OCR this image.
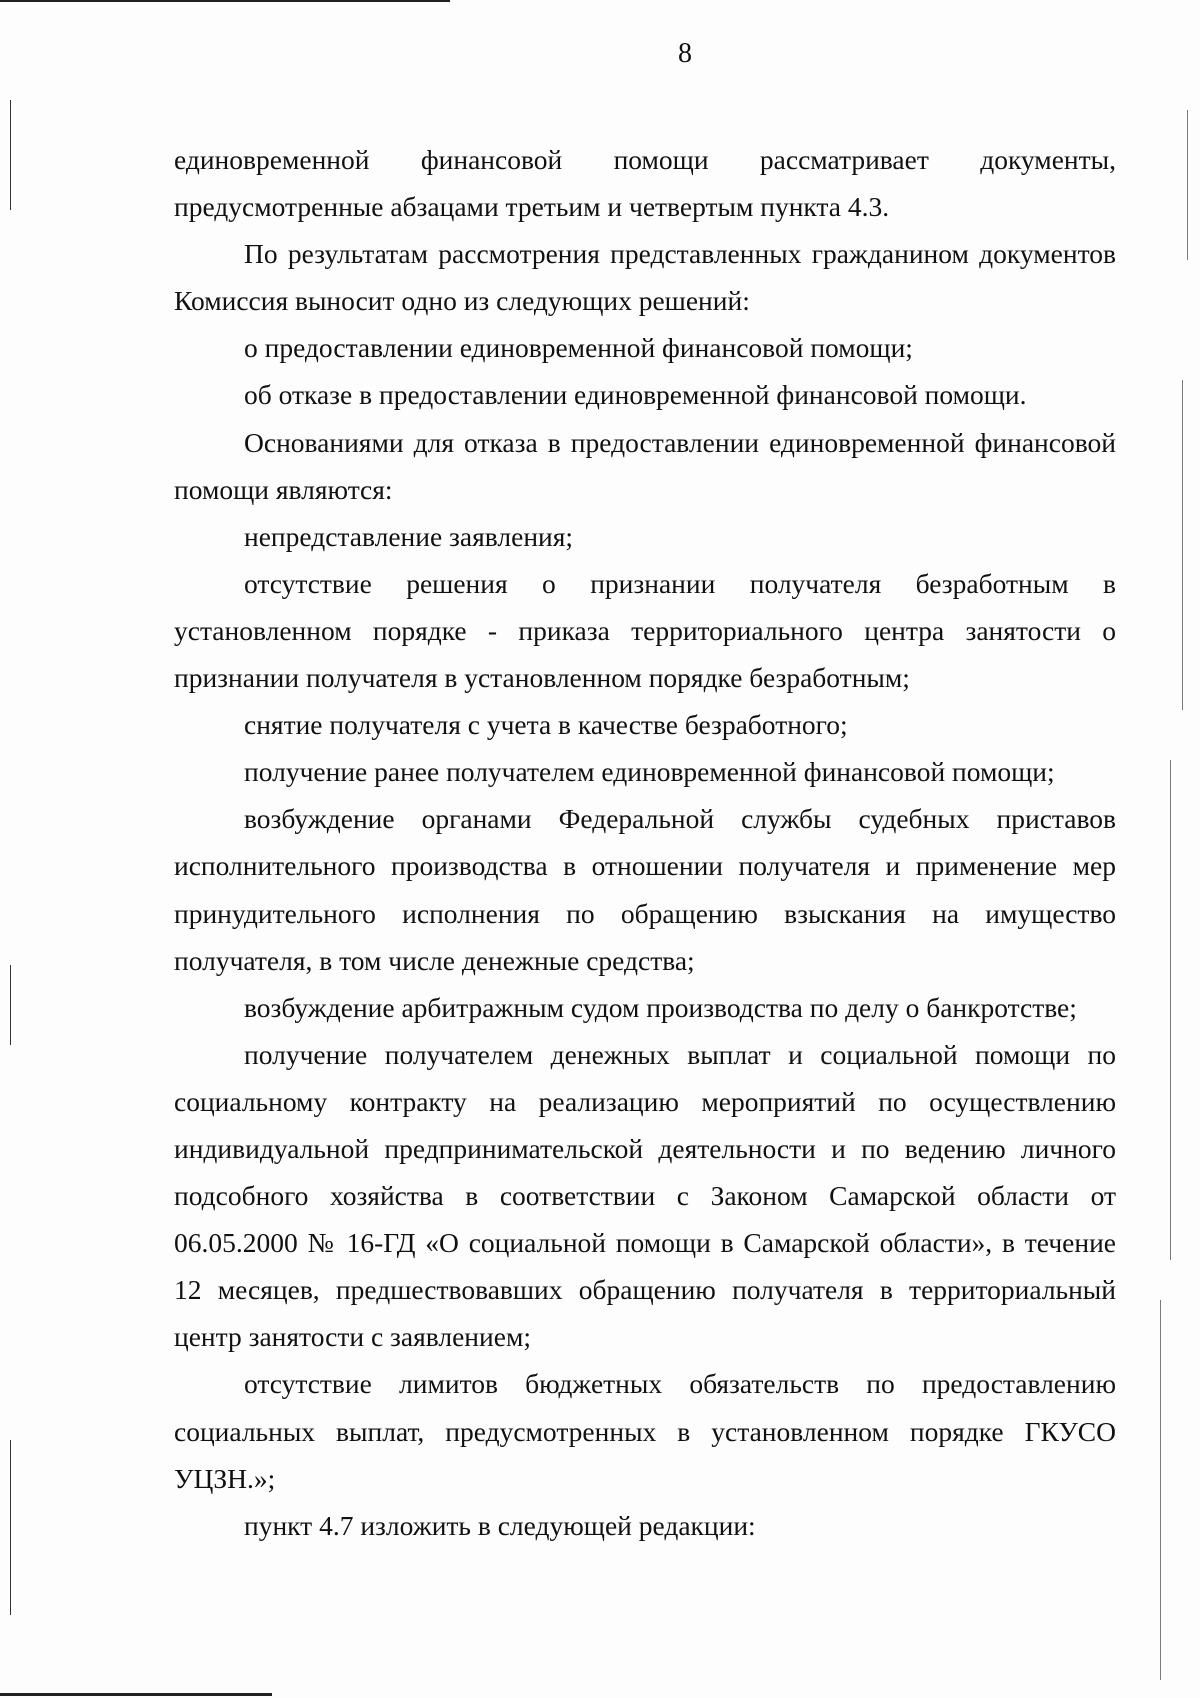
8

единовременной финансовой помощи рассматривает документы, предусмотренные абзацами третьим и четвертым пункта 4.3.

По результатам рассмотрения представленных гражданином документов Комиссия выносит одно из следующих решений:

о предоставлении единовременной финансовой помощи;

об отказе в предоставлении единовременной финансовой помощи.

Основаниями для отказа в предоставлении единовременной финансовой помощи являются:

непредставление заявления;

отсутствие решения о признании получателя безработным в установленном порядке - приказа территориального центра занятости о признании получателя в установленном порядке безработным;

снятие получателя с учета в качестве безработного;

получение ранее получателем единовременной финансовой помощи;

возбуждение органами Федеральной службы судебных приставов исполнительного производства в отношении получателя и применение мер принудительного исполнения по обращению взыскания на имущество получателя, в том числе денежные средства;

возбуждение арбитражным судом производства по делу о банкротстве;

получение получателем денежных выплат и социальной помощи по социальному контракту на реализацию мероприятий по осуществлению индивидуальной предпринимательской деятельности и по ведению личного подсобного хозяйства в соответствии с Законом Самарской области от 06.05.2000 № 16-ГД «О социальной помощи в Самарской области», в течение 12 месяцев, предшествовавших обращению получателя в территориальный центр занятости с заявлением;

отсутствие лимитов бюджетных обязательств по предоставлению социальных выплат, предусмотренных в установленном порядке ГКУСО УЦЗН.»;

пункт 4.7 изложить в следующей редакции:
